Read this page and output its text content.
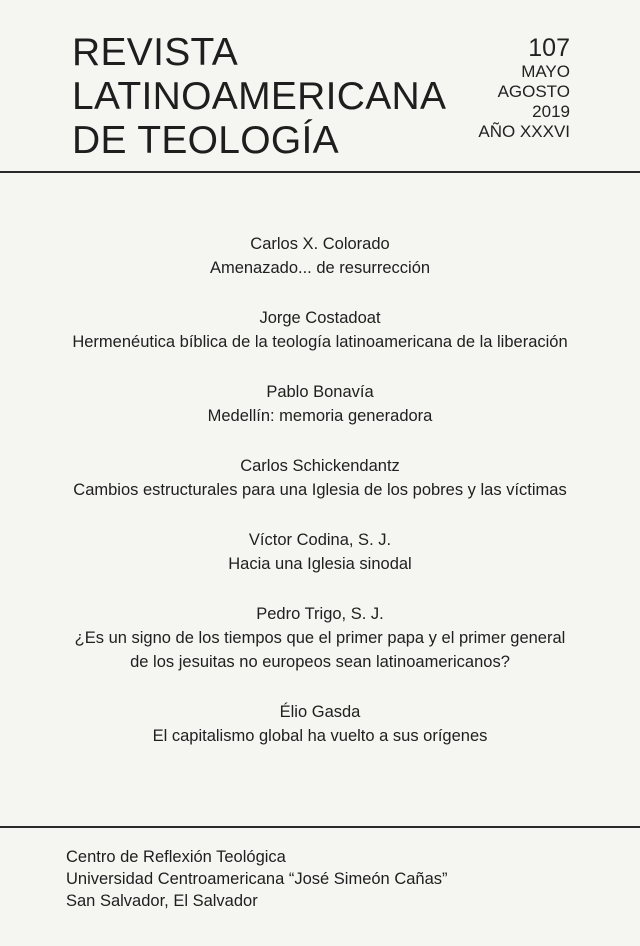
REVISTA
LATINOAMERICANA
DE TEOLOGÍA
107
MAYO
AGOSTO
2019
AÑO XXXVI
Carlos X. Colorado
Amenazado... de resurrección
Jorge Costadoat
Hermenéutica bíblica de la teología latinoamericana de la liberación
Pablo Bonavía
Medellín: memoria generadora
Carlos Schickendantz
Cambios estructurales para una Iglesia de los pobres y las víctimas
Víctor Codina, S. J.
Hacia una Iglesia sinodal
Pedro Trigo, S. J.
¿Es un signo de los tiempos que el primer papa y el primer general
de los jesuitas no europeos sean latinoamericanos?
Élio Gasda
El capitalismo global ha vuelto a sus orígenes
Centro de Reflexión Teológica
Universidad Centroamericana “José Simeón Cañas”
San Salvador, El Salvador
